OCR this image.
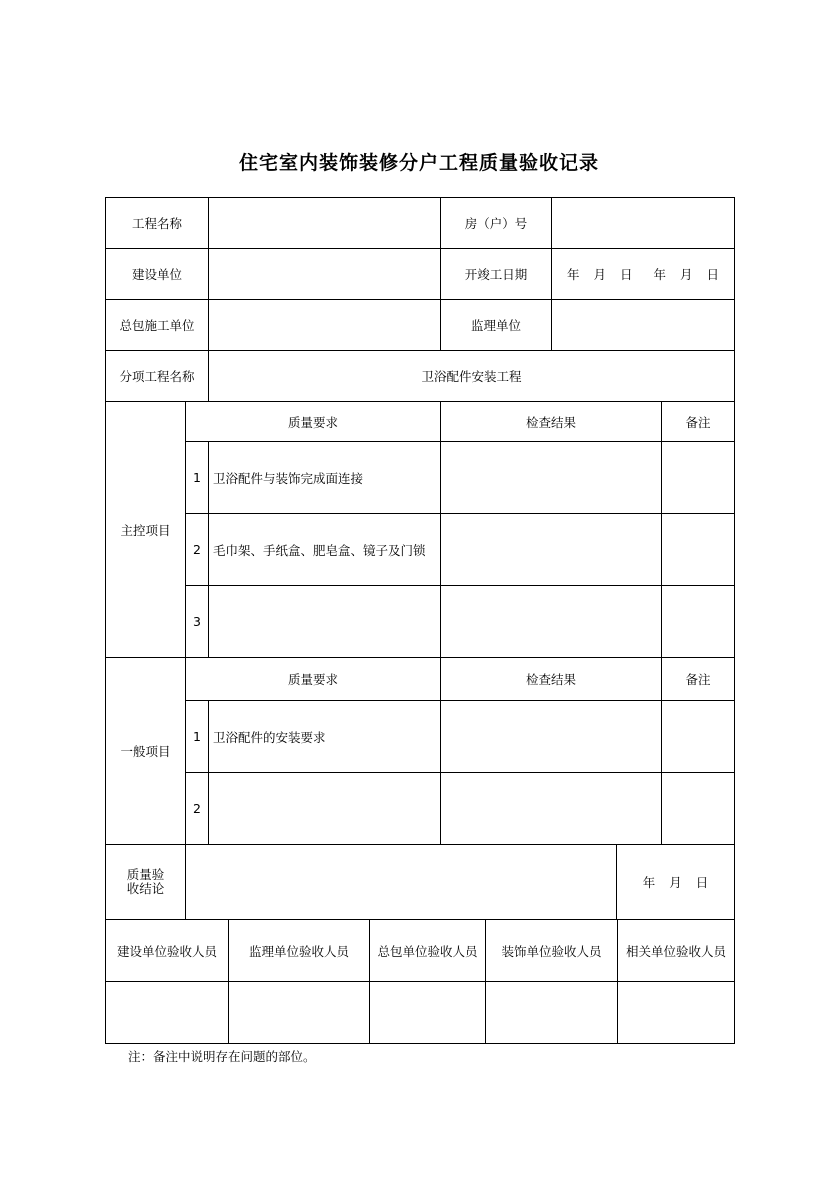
住宅室内装饰装修分户工程质量验收记录
工程名称			房（户）号			
建设单位			开竣工日期	年 月 日 年 月 日		

总包施工单位			监理单位			
分项工程名称		卫浴配件安装工程				
主控项目	质量要求		检查结果			备注
	1	卫浴配件与装饰完成面连接				
	2	毛巾架、手纸盒、肥皂盒、镜子及门锁				
	3					
一般项目	质量要求		检查结果			备注
	1	卫浴配件的安装要求				
	2					

质量验
收结论					年 月 日	
建设单位验收人员	监理单位验收人员	总包单位验收人员	装饰单位验收人员	相关单位验收人员

注：备注中说明存在问题的部位。
